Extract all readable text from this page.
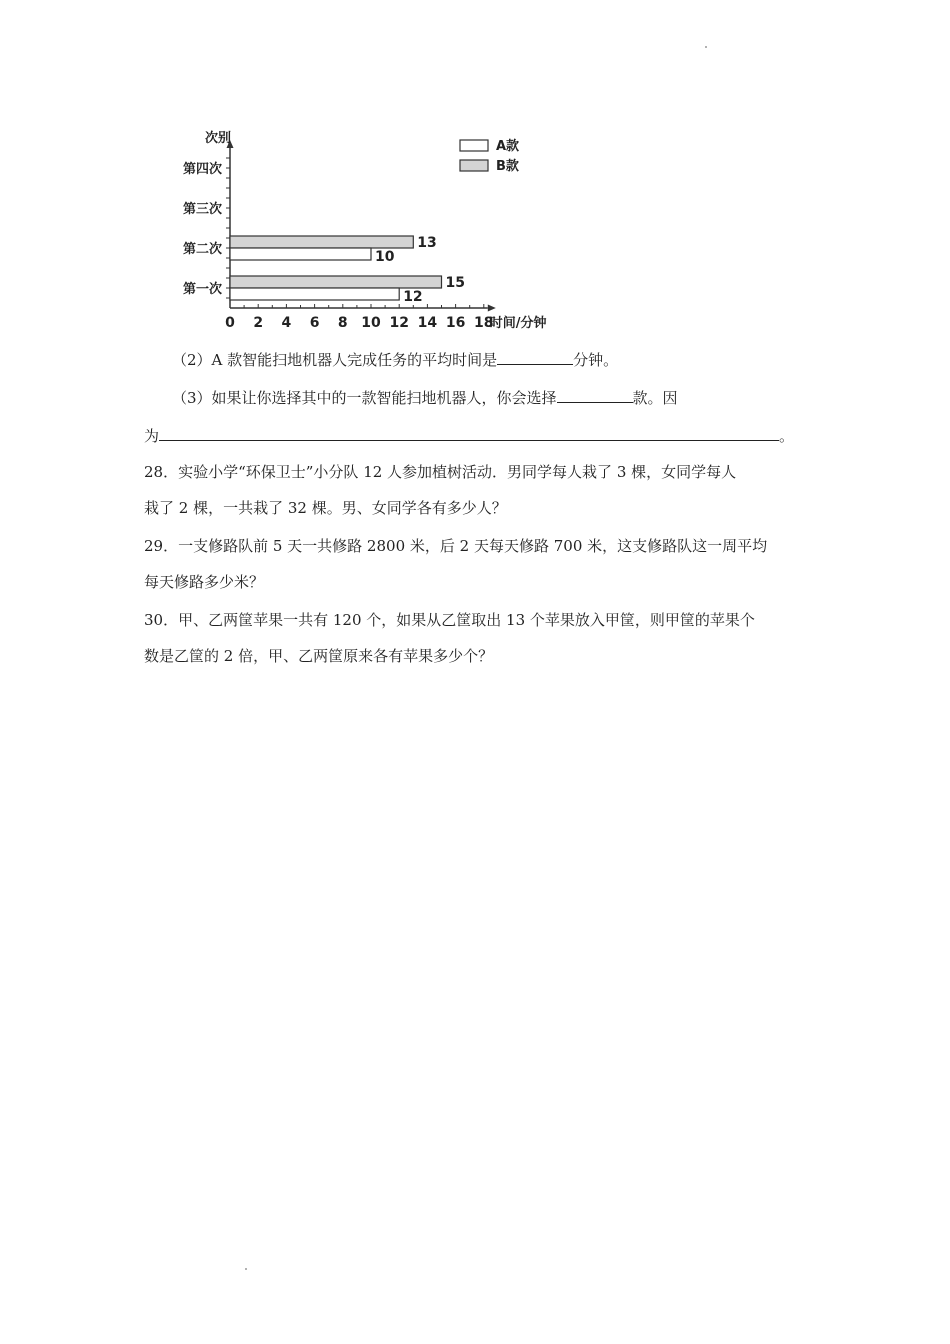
0 2 4 6 8 10 12 14 16 18
时间/分钟
第一次
第二次
第三次
第四次
次别
15
12
13
10
A款
B款
（2）A 款智能扫地机器人完成任务的平均时间是	分钟。
（3）如果让你选择其中的一款智能扫地机器人，你会选择	款。因
为	。
28．实验小学“环保卫士”小分队 12 人参加植树活动．男同学每人栽了 3 棵，女同学每人
栽了 2 棵，一共栽了 32 棵。男、女同学各有多少人？
29．一支修路队前 5 天一共修路 2800 米，后 2 天每天修路 700 米，这支修路队这一周平均
每天修路多少米？
30．甲、乙两筐苹果一共有 120 个，如果从乙筐取出 13 个苹果放入甲筐，则甲筐的苹果个
数是乙筐的 2 倍，甲、乙两筐原来各有苹果多少个？
